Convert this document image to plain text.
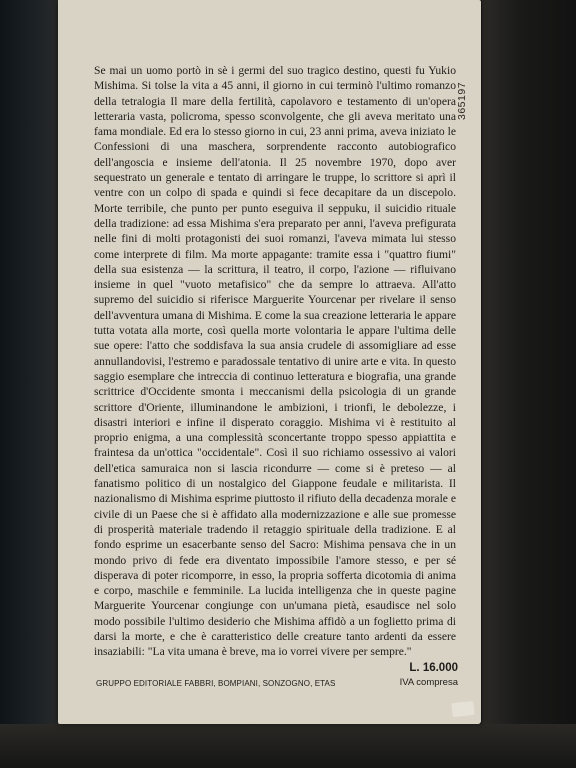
365197

Se mai un uomo portò in sè i germi del suo tragico destino, questi fu Yukio Mishima. Si tolse la vita a 45 anni, il giorno in cui terminò l'ultimo romanzo della tetralogia Il mare della fertilità, capolavoro e testamento di un'opera letteraria vasta, policroma, spesso sconvolgente, che gli aveva meritato una fama mondiale. Ed era lo stesso giorno in cui, 23 anni prima, aveva iniziato le Confessioni di una maschera, sorprendente racconto autobiografico dell'angoscia e insieme dell'atonia. Il 25 novembre 1970, dopo aver sequestrato un generale e tentato di arringare le truppe, lo scrittore si aprì il ventre con un colpo di spada e quindi si fece decapitare da un discepolo. Morte terribile, che punto per punto eseguiva il seppuku, il suicidio rituale della tradizione: ad essa Mishima s'era preparato per anni, l'aveva prefigurata nelle fini di molti protagonisti dei suoi romanzi, l'aveva mimata lui stesso come interprete di film. Ma morte appagante: tramite essa i "quattro fiumi" della sua esistenza — la scrittura, il teatro, il corpo, l'azione — rifluivano insieme in quel "vuoto metafisico" che da sempre lo attraeva. All'atto supremo del suicidio si riferisce Marguerite Yourcenar per rivelare il senso dell'avventura umana di Mishima. E come la sua creazione letteraria le appare tutta votata alla morte, così quella morte volontaria le appare l'ultima delle sue opere: l'atto che soddisfava la sua ansia crudele di assomigliare ad esse annullandovisi, l'estremo e paradossale tentativo di unire arte e vita. In questo saggio esemplare che intreccia di continuo letteratura e biografia, una grande scrittrice d'Occidente smonta i meccanismi della psicologia di un grande scrittore d'Oriente, illuminandone le ambizioni, i trionfi, le debolezze, i disastri interiori e infine il disperato coraggio. Mishima vi è restituito al proprio enigma, a una complessità sconcertante troppo spesso appiattita e fraintesa da un'ottica "occidentale". Così il suo richiamo ossessivo ai valori dell'etica samuraica non si lascia ricondurre — come si è preteso — al fanatismo politico di un nostalgico del Giappone feudale e militarista. Il nazionalismo di Mishima esprime piuttosto il rifiuto della decadenza morale e civile di un Paese che si è affidato alla modernizzazione e alle sue promesse di prosperità materiale tradendo il retaggio spirituale della tradizione. E al fondo esprime un esacerbante senso del Sacro: Mishima pensava che in un mondo privo di fede era diventato impossibile l'amore stesso, e per sé disperava di poter ricomporre, in esso, la propria sofferta dicotomia di anima e corpo, maschile e femminile. La lucida intelligenza che in queste pagine Marguerite Yourcenar congiunge con un'umana pietà, esaudisce nel solo modo possibile l'ultimo desiderio che Mishima affidò a un foglietto prima di darsi la morte, e che è caratteristico delle creature tanto ardenti da essere insaziabili: "La vita umana è breve, ma io vorrei vivere per sempre."

L. 16.000
IVA compresa
GRUPPO EDITORIALE FABBRI, BOMPIANI, SONZOGNO, ETAS
